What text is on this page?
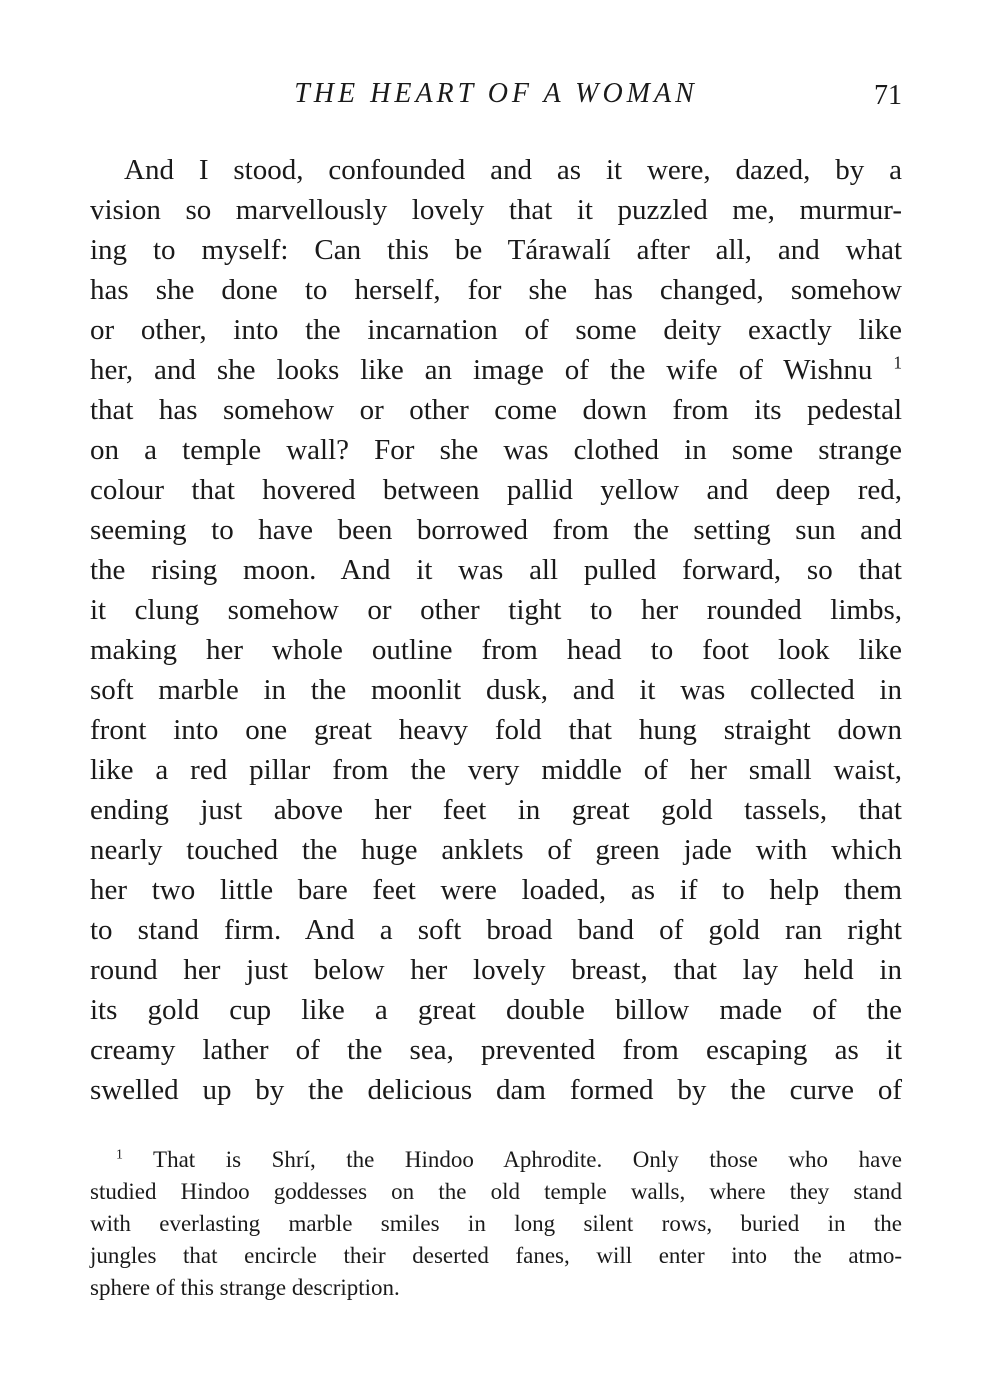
THE HEART OF A WOMAN	71
And I stood, confounded and as it were, dazed, by a
vision so marvellously lovely that it puzzled me, murmur-
ing to myself: Can this be Tárawalí after all, and what
has she done to herself, for she has changed, somehow
or other, into the incarnation of some deity exactly like
her, and she looks like an image of the wife of Wishnu $^1$
that has somehow or other come down from its pedestal
on a temple wall? For she was clothed in some strange
colour that hovered between pallid yellow and deep red,
seeming to have been borrowed from the setting sun and
the rising moon. And it was all pulled forward, so that
it clung somehow or other tight to her rounded limbs,
making her whole outline from head to foot look like
soft marble in the moonlit dusk, and it was collected in
front into one great heavy fold that hung straight down
like a red pillar from the very middle of her small waist,
ending just above her feet in great gold tassels, that
nearly touched the huge anklets of green jade with which
her two little bare feet were loaded, as if to help them
to stand firm. And a soft broad band of gold ran right
round her just below her lovely breast, that lay held in
its gold cup like a great double billow made of the
creamy lather of the sea, prevented from escaping as it
swelled up by the delicious dam formed by the curve of
$^1$ That is Shrí, the Hindoo Aphrodite. Only those who have
studied Hindoo goddesses on the old temple walls, where they stand
with everlasting marble smiles in long silent rows, buried in the
jungles that encircle their deserted fanes, will enter into the atmo-
sphere of this strange description.
